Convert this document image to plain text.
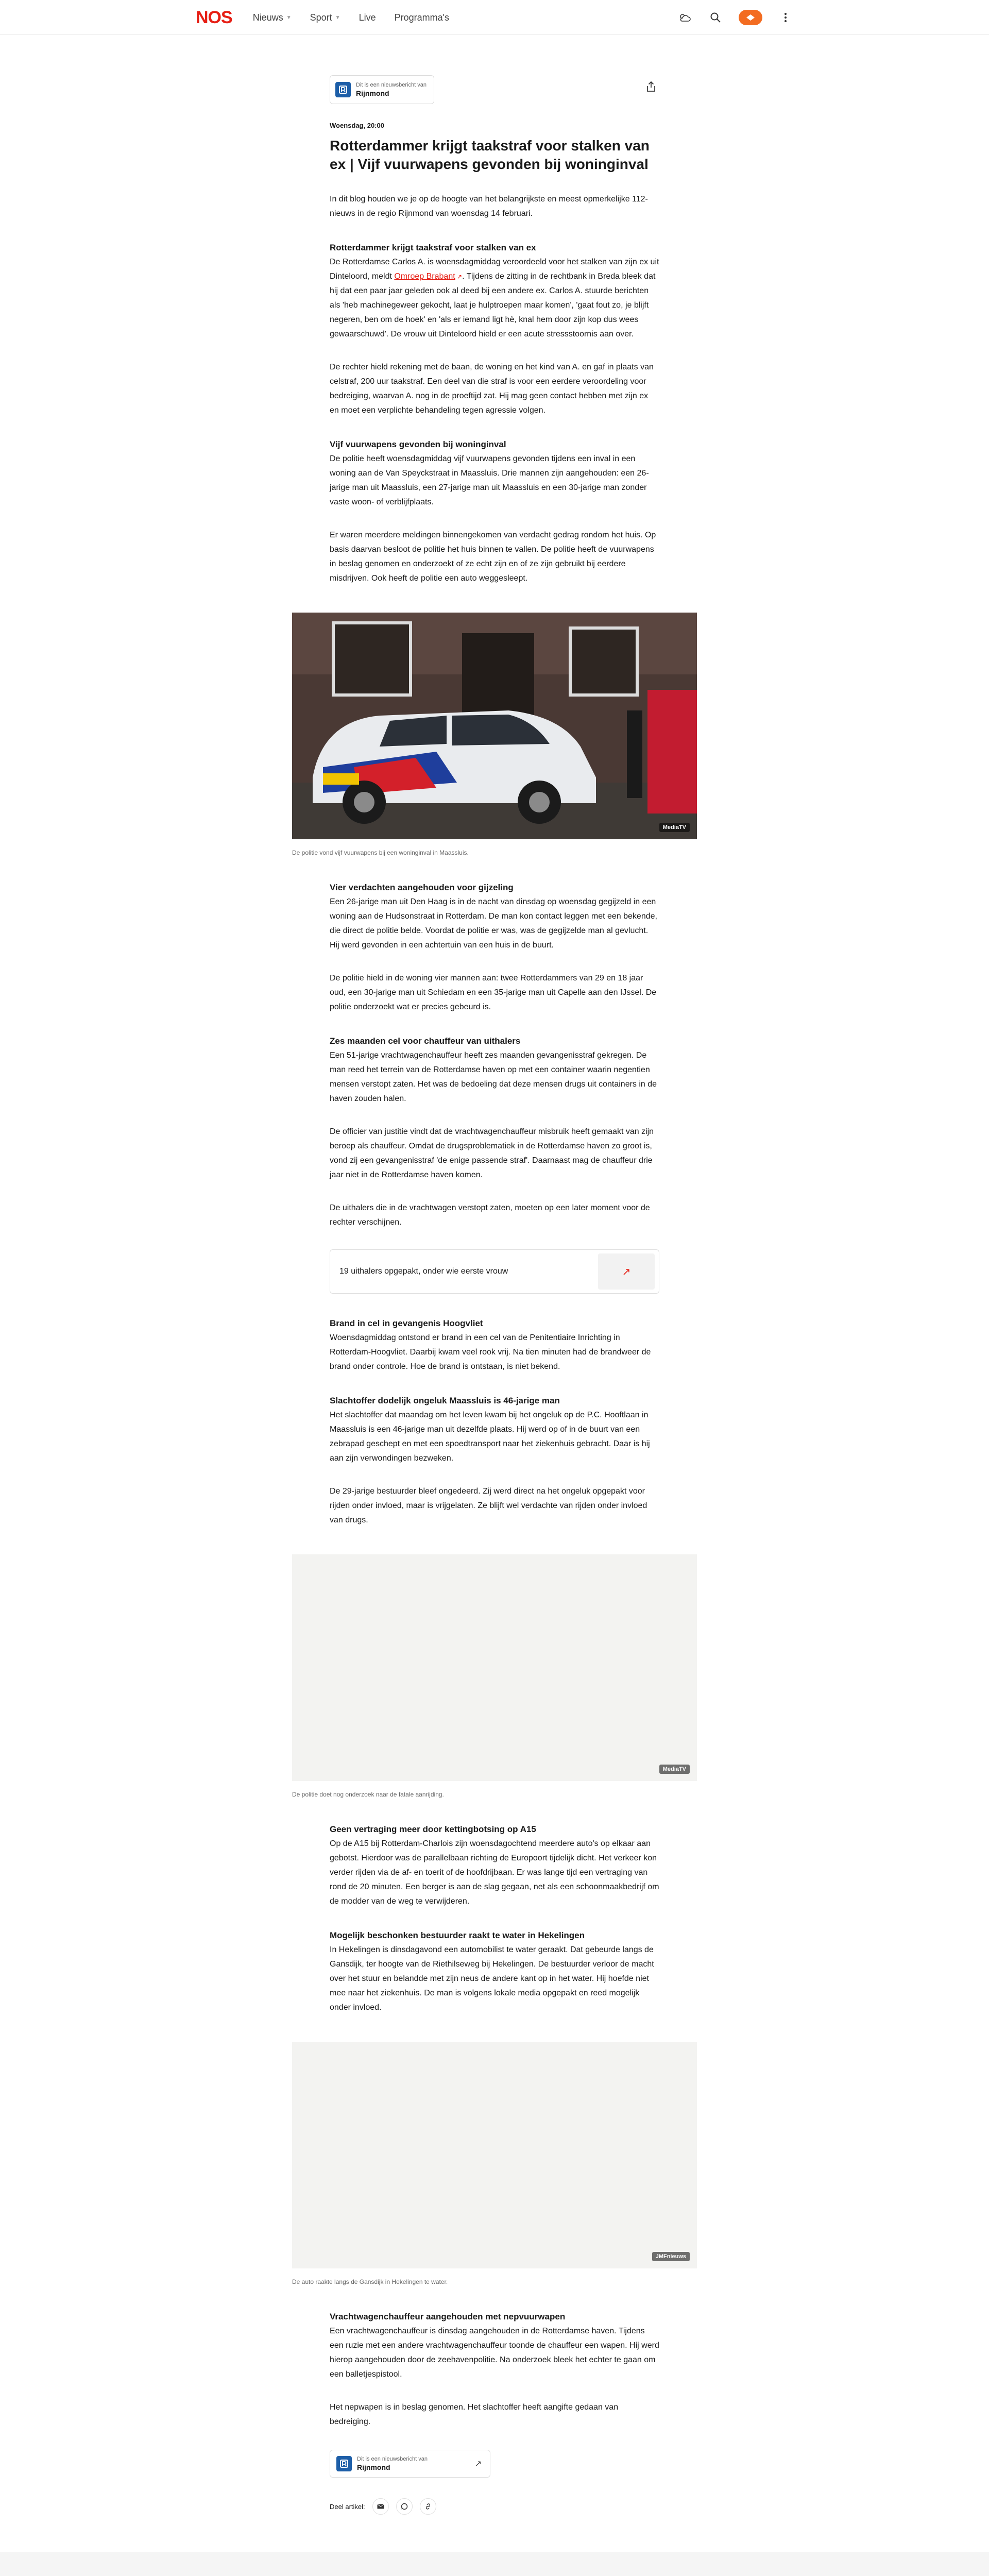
NOS Nieuws ▼ Sport ▼ Live Programma's
Dit is een nieuwsbericht van
Rijnmond
Woensdag, 20:00
Rotterdammer krijgt taakstraf voor stalken van ex | Vijf vuurwapens gevonden bij woninginval

In dit blog houden we je op de hoogte van het belangrijkste en meest opmerkelijke 112-nieuws in de regio Rijnmond van woensdag 14 februari.

Rotterdammer krijgt taakstraf voor stalken van ex

De Rotterdamse Carlos A. is woensdagmiddag veroordeeld voor het stalken van zijn ex uit Dinteloord, meldt Omroep Brabant ↗. Tijdens de zitting in de rechtbank in Breda bleek dat hij dat een paar jaar geleden ook al deed bij een andere ex. Carlos A. stuurde berichten als 'heb machinegeweer gekocht, laat je hulptroepen maar komen', 'gaat fout zo, je blijft negeren, ben om de hoek' en 'als er iemand ligt hè, knal hem door zijn kop dus wees gewaarschuwd'. De vrouw uit Dinteloord hield er een acute stressstoornis aan over.

De rechter hield rekening met de baan, de woning en het kind van A. en gaf in plaats van celstraf, 200 uur taakstraf. Een deel van die straf is voor een eerdere veroordeling voor bedreiging, waarvan A. nog in de proeftijd zat. Hij mag geen contact hebben met zijn ex en moet een verplichte behandeling tegen agressie volgen.

Vijf vuurwapens gevonden bij woninginval

De politie heeft woensdagmiddag vijf vuurwapens gevonden tijdens een inval in een woning aan de Van Speyckstraat in Maassluis. Drie mannen zijn aangehouden: een 26-jarige man uit Maassluis, een 27-jarige man uit Maassluis en een 30-jarige man zonder vaste woon- of verblijfplaats.

Er waren meerdere meldingen binnengekomen van verdacht gedrag rondom het huis. Op basis daarvan besloot de politie het huis binnen te vallen. De politie heeft de vuurwapens in beslag genomen en onderzoekt of ze echt zijn en of ze zijn gebruikt bij eerdere misdrijven. Ook heeft de politie een auto weggesleept.

MediaTV
De politie vond vijf vuurwapens bij een woninginval in Maassluis.
Vier verdachten aangehouden voor gijzeling

Een 26-jarige man uit Den Haag is in de nacht van dinsdag op woensdag gegijzeld in een woning aan de Hudsonstraat in Rotterdam. De man kon contact leggen met een bekende, die direct de politie belde. Voordat de politie er was, was de gegijzelde man al gevlucht. Hij werd gevonden in een achtertuin van een huis in de buurt.

De politie hield in de woning vier mannen aan: twee Rotterdammers van 29 en 18 jaar oud, een 30-jarige man uit Schiedam en een 35-jarige man uit Capelle aan den IJssel. De politie onderzoekt wat er precies gebeurd is.

Zes maanden cel voor chauffeur van uithalers

Een 51-jarige vrachtwagenchauffeur heeft zes maanden gevangenisstraf gekregen. De man reed het terrein van de Rotterdamse haven op met een container waarin negentien mensen verstopt zaten. Het was de bedoeling dat deze mensen drugs uit containers in de haven zouden halen.

De officier van justitie vindt dat de vrachtwagenchauffeur misbruik heeft gemaakt van zijn beroep als chauffeur. Omdat de drugsproblematiek in de Rotterdamse haven zo groot is, vond zij een gevangenisstraf 'de enige passende straf'. Daarnaast mag de chauffeur drie jaar niet in de Rotterdamse haven komen.

De uithalers die in de vrachtwagen verstopt zaten, moeten op een later moment voor de rechter verschijnen.

19 uithalers opgepakt, onder wie eerste vrouw	↗
Brand in cel in gevangenis Hoogvliet

Woensdagmiddag ontstond er brand in een cel van de Penitentiaire Inrichting in Rotterdam-Hoogvliet. Daarbij kwam veel rook vrij. Na tien minuten had de brandweer de brand onder controle. Hoe de brand is ontstaan, is niet bekend.

Slachtoffer dodelijk ongeluk Maassluis is 46-jarige man

Het slachtoffer dat maandag om het leven kwam bij het ongeluk op de P.C. Hooftlaan in Maassluis is een 46-jarige man uit dezelfde plaats. Hij werd op of in de buurt van een zebrapad geschept en met een spoedtransport naar het ziekenhuis gebracht. Daar is hij aan zijn verwondingen bezweken.

De 29-jarige bestuurder bleef ongedeerd. Zij werd direct na het ongeluk opgepakt voor rijden onder invloed, maar is vrijgelaten. Ze blijft wel verdachte van rijden onder invloed van drugs.

MediaTV
De politie doet nog onderzoek naar de fatale aanrijding.
Geen vertraging meer door kettingbotsing op A15

Op de A15 bij Rotterdam-Charlois zijn woensdagochtend meerdere auto's op elkaar aan gebotst. Hierdoor was de parallelbaan richting de Europoort tijdelijk dicht. Het verkeer kon verder rijden via de af- en toerit of de hoofdrijbaan. Er was lange tijd een vertraging van rond de 20 minuten. Een berger is aan de slag gegaan, net als een schoonmaakbedrijf om de modder van de weg te verwijderen.

Mogelijk beschonken bestuurder raakt te water in Hekelingen

In Hekelingen is dinsdagavond een automobilist te water geraakt. Dat gebeurde langs de Gansdijk, ter hoogte van de Riethilseweg bij Hekelingen. De bestuurder verloor de macht over het stuur en belandde met zijn neus de andere kant op in het water. Hij hoefde niet mee naar het ziekenhuis. De man is volgens lokale media opgepakt en reed mogelijk onder invloed.

JMFnieuws
De auto raakte langs de Gansdijk in Hekelingen te water.
Vrachtwagenchauffeur aangehouden met nepvuurwapen

Een vrachtwagenchauffeur is dinsdag aangehouden in de Rotterdamse haven. Tijdens een ruzie met een andere vrachtwagenchauffeur toonde de chauffeur een wapen. Hij werd hierop aangehouden door de zeehavenpolitie. Na onderzoek bleek het echter te gaan om een balletjespistool.

Het nepwapen is in beslag genomen. Het slachtoffer heeft aangifte gedaan van bedreiging.

Dit is een nieuwsbericht van
Rijnmond	↗
Deel artikel:
